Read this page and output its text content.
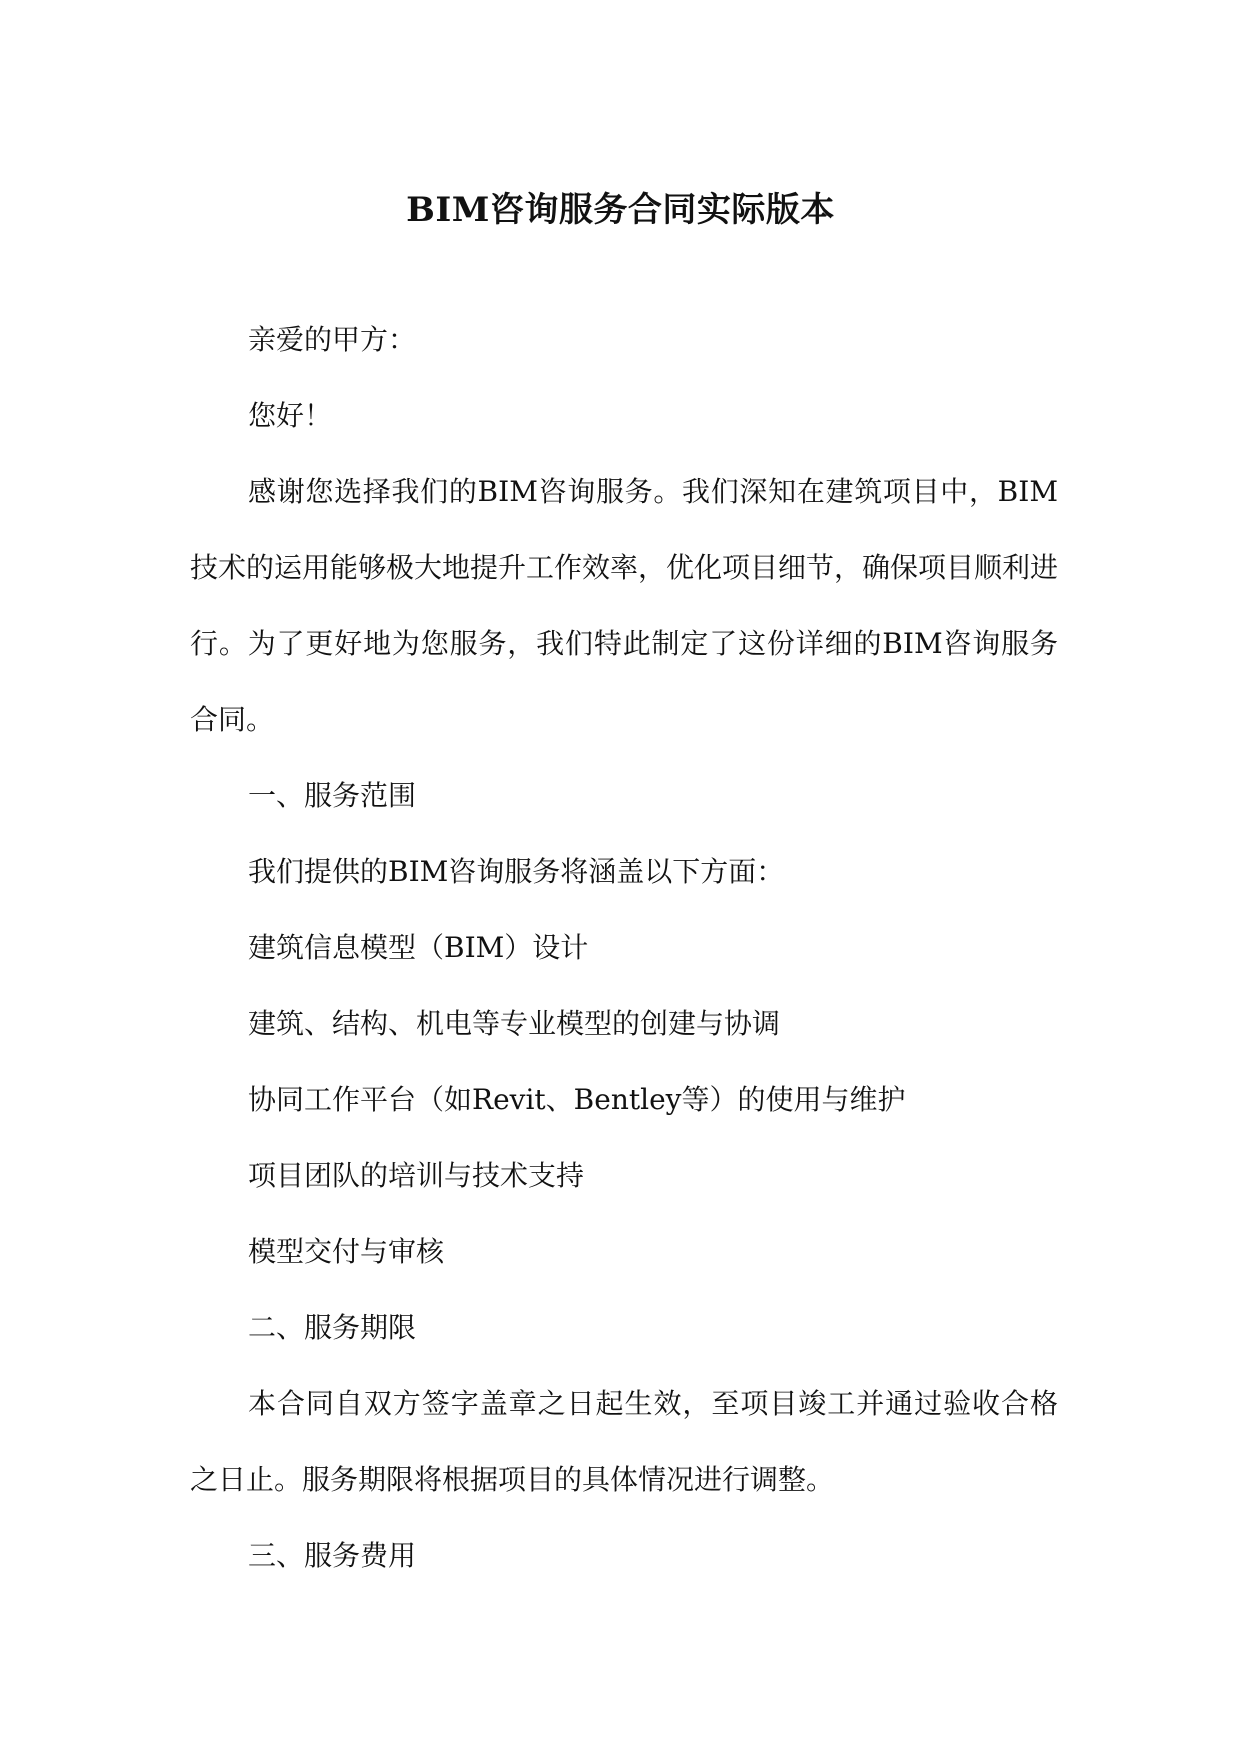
BIM咨询服务合同实际版本

亲爱的甲方：

您好！

感谢您选择我们的BIM咨询服务。我们深知在建筑项目中，BIM技术的运用能够极大地提升工作效率，优化项目细节，确保项目顺利进行。为了更好地为您服务，我们特此制定了这份详细的BIM咨询服务合同。

一、服务范围

我们提供的BIM咨询服务将涵盖以下方面：

建筑信息模型（BIM）设计

建筑、结构、机电等专业模型的创建与协调

协同工作平台（如Revit、Bentley等）的使用与维护

项目团队的培训与技术支持

模型交付与审核

二、服务期限

本合同自双方签字盖章之日起生效，至项目竣工并通过验收合格之日止。服务期限将根据项目的具体情况进行调整。

三、服务费用
